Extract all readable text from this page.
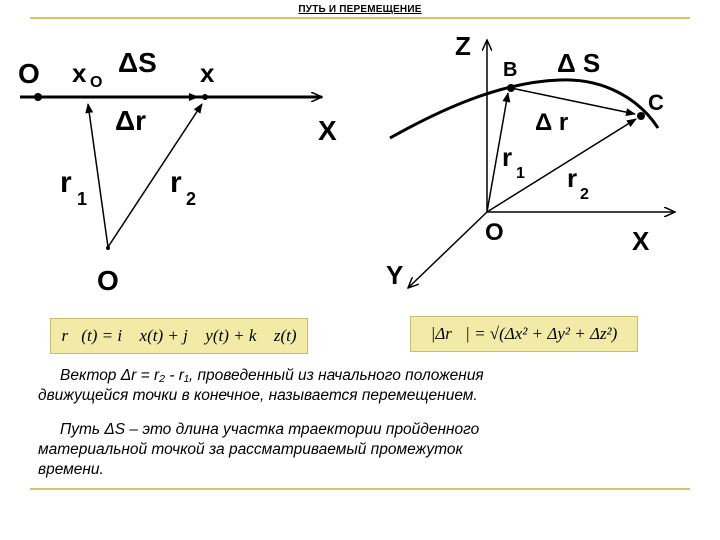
ПУТЬ И ПЕРЕМЕЩЕНИЕ
O x O
ΔS x
X
Δr
r 1	r 2
O
Z
B Δ S
C
Δ r
r
1 r
2
O	X
Y
r⃗(t) = i⃗ x(t) + j⃗ y(t) + k⃗ z(t)	|Δr⃗| = √(Δx² + Δy² + Δz²)
Вектор Δr = r₂ - r₁, проведенный из начального положения
движущейся точки в конечное, называется перемещением.
Путь ΔS – это длина участка траектории пройденного
материальной точкой за рассматриваемый промежуток
времени.
